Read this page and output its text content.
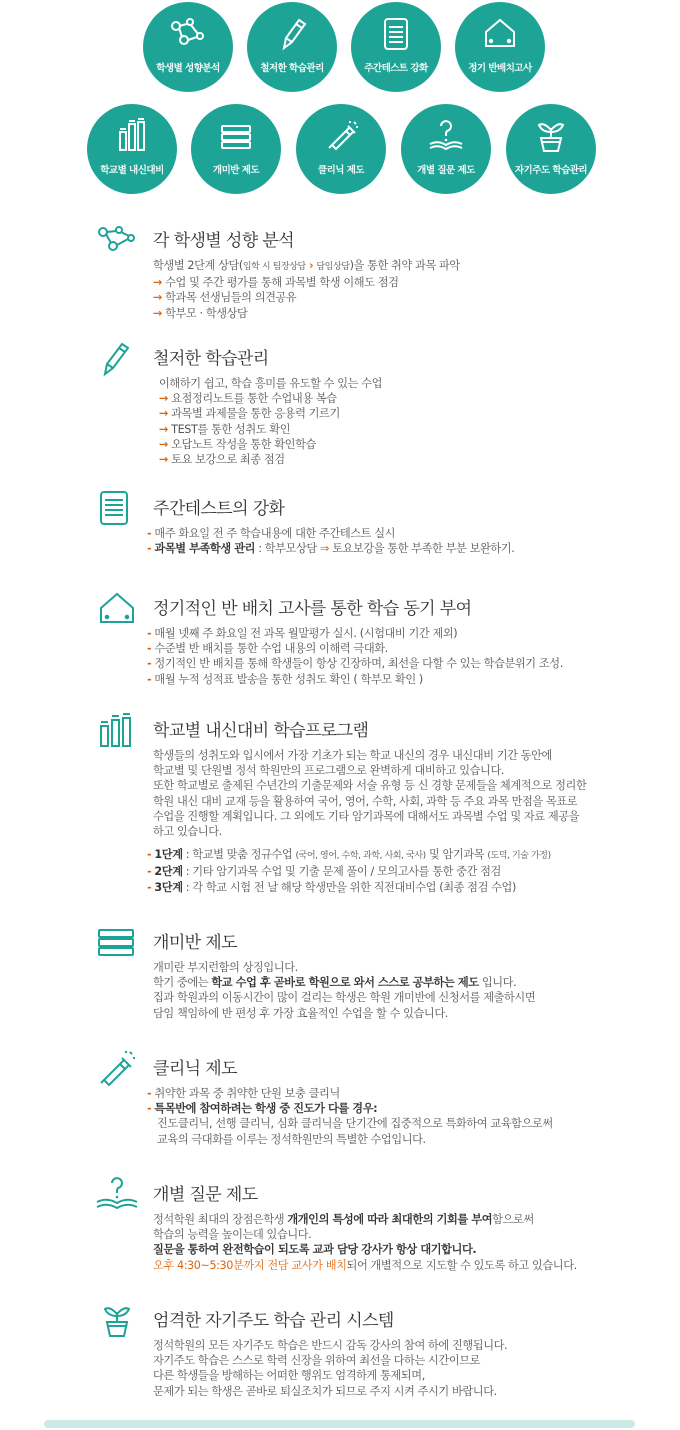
학생별 성향분석	철저한 학습관리	주간테스트 강화	정기 반배치고사
학교별 내신대비	개미반 제도	클리닉 제도	개별 질문 제도	자기주도 학습관리
각 학생별 성향 분석
학생별 2단계 상담(입학 시 팀장상담 › 담임상담)을 통한 취약 과목 파악
→ 수업 및 주간 평가를 통해 과목별 학생 이해도 점검
→ 학과목 선생님들의 의견공유
→ 학부모 · 학생상담
철저한 학습관리
이해하기 쉽고, 학습 흥미를 유도할 수 있는 수업
→ 요점정리노트를 통한 수업내용 복습
→ 과목별 과제물을 통한 응용력 기르기
→ TEST를 통한 성취도 확인
→ 오답노트 작성을 통한 확인학습
→ 토요 보강으로 최종 점검
주간테스트의 강화
- 매주 화요일 전 주 학습내용에 대한 주간테스트 실시
- 과목별 부족학생 관리 : 학부모상담 ⇒ 토요보강을 통한 부족한 부분 보완하기.
정기적인 반 배치 고사를 통한 학습 동기 부여
- 매월 넷째 주 화요일 전 과목 월말평가 실시. (시험대비 기간 제외)
- 수준별 반 배치를 통한 수업 내용의 이해력 극대화.
- 정기적인 반 배치를 통해 학생들이 항상 긴장하며, 최선을 다할 수 있는 학습분위기 조성.
- 매월 누적 성적표 발송을 통한 성취도 확인 ( 학부모 확인 )
학교별 내신대비 학습프로그램
학생들의 성취도와 입시에서 가장 기초가 되는 학교 내신의 경우 내신대비 기간 동안에
학교별 및 단원별 정석 학원만의 프로그램으로 완벽하게 대비하고 있습니다.
또한 학교별로 출제된 수년간의 기출문제와 서술 유형 등 신 경향 문제들을 체계적으로 정리한
학원 내신 대비 교재 등을 활용하여 국어, 영어, 수학, 사회, 과학 등 주요 과목 만점을 목표로
수업을 진행할 계획입니다. 그 외에도 기타 암기과목에 대해서도 과목별 수업 및 자료 제공을
하고 있습니다.
- 1단계 : 학교별 맞춤 정규수업 (국어, 영어, 수학, 과학, 사회, 국사) 및 암기과목 (도덕, 기술 가정)
- 2단계 : 기타 암기과목 수업 및 기출 문제 풀이 / 모의고사를 통한 중간 점검
- 3단계 : 각 학교 시험 전 날 해당 학생만을 위한 직전대비수업 (최종 점검 수업)
개미반 제도
개미란 부지런함의 상징입니다.
학기 중에는 학교 수업 후 곧바로 학원으로 와서 스스로 공부하는 제도 입니다.
집과 학원과의 이동시간이 많이 걸리는 학생은 학원 개미반에 신청서를 제출하시면
담임 책임하에 반 편성 후 가장 효율적인 수업을 할 수 있습니다.
클리닉 제도
- 취약한 과목 중 취약한 단원 보충 클리닉
- 특목반에 참여하려는 학생 중 진도가 다를 경우:
진도클리닉, 선행 클리닉, 심화 클리닉을 단기간에 집중적으로 특화하여 교육함으로써
교육의 극대화를 이루는 정석학원만의 특별한 수업입니다.
개별 질문 제도
정석학원 최대의 장점은학생 개개인의 특성에 따라 최대한의 기회를 부여함으로써
학습의 능력을 높이는데 있습니다.
질문을 통하여 완전학습이 되도록 교과 담당 강사가 항상 대기합니다.
오후 4:30~5:30분까지 전담 교사가 배치되어 개별적으로 지도할 수 있도록 하고 있습니다.
엄격한 자기주도 학습 관리 시스템
정석학원의 모든 자기주도 학습은 반드시 감독 강사의 참여 하에 진행됩니다.
자기주도 학습은 스스로 학력 신장을 위하여 최선을 다하는 시간이므로
다른 학생들을 방해하는 어떠한 행위도 엄격하게 통제되며,
문제가 되는 학생은 곧바로 퇴실조치가 되므로 주지 시켜 주시기 바랍니다.
